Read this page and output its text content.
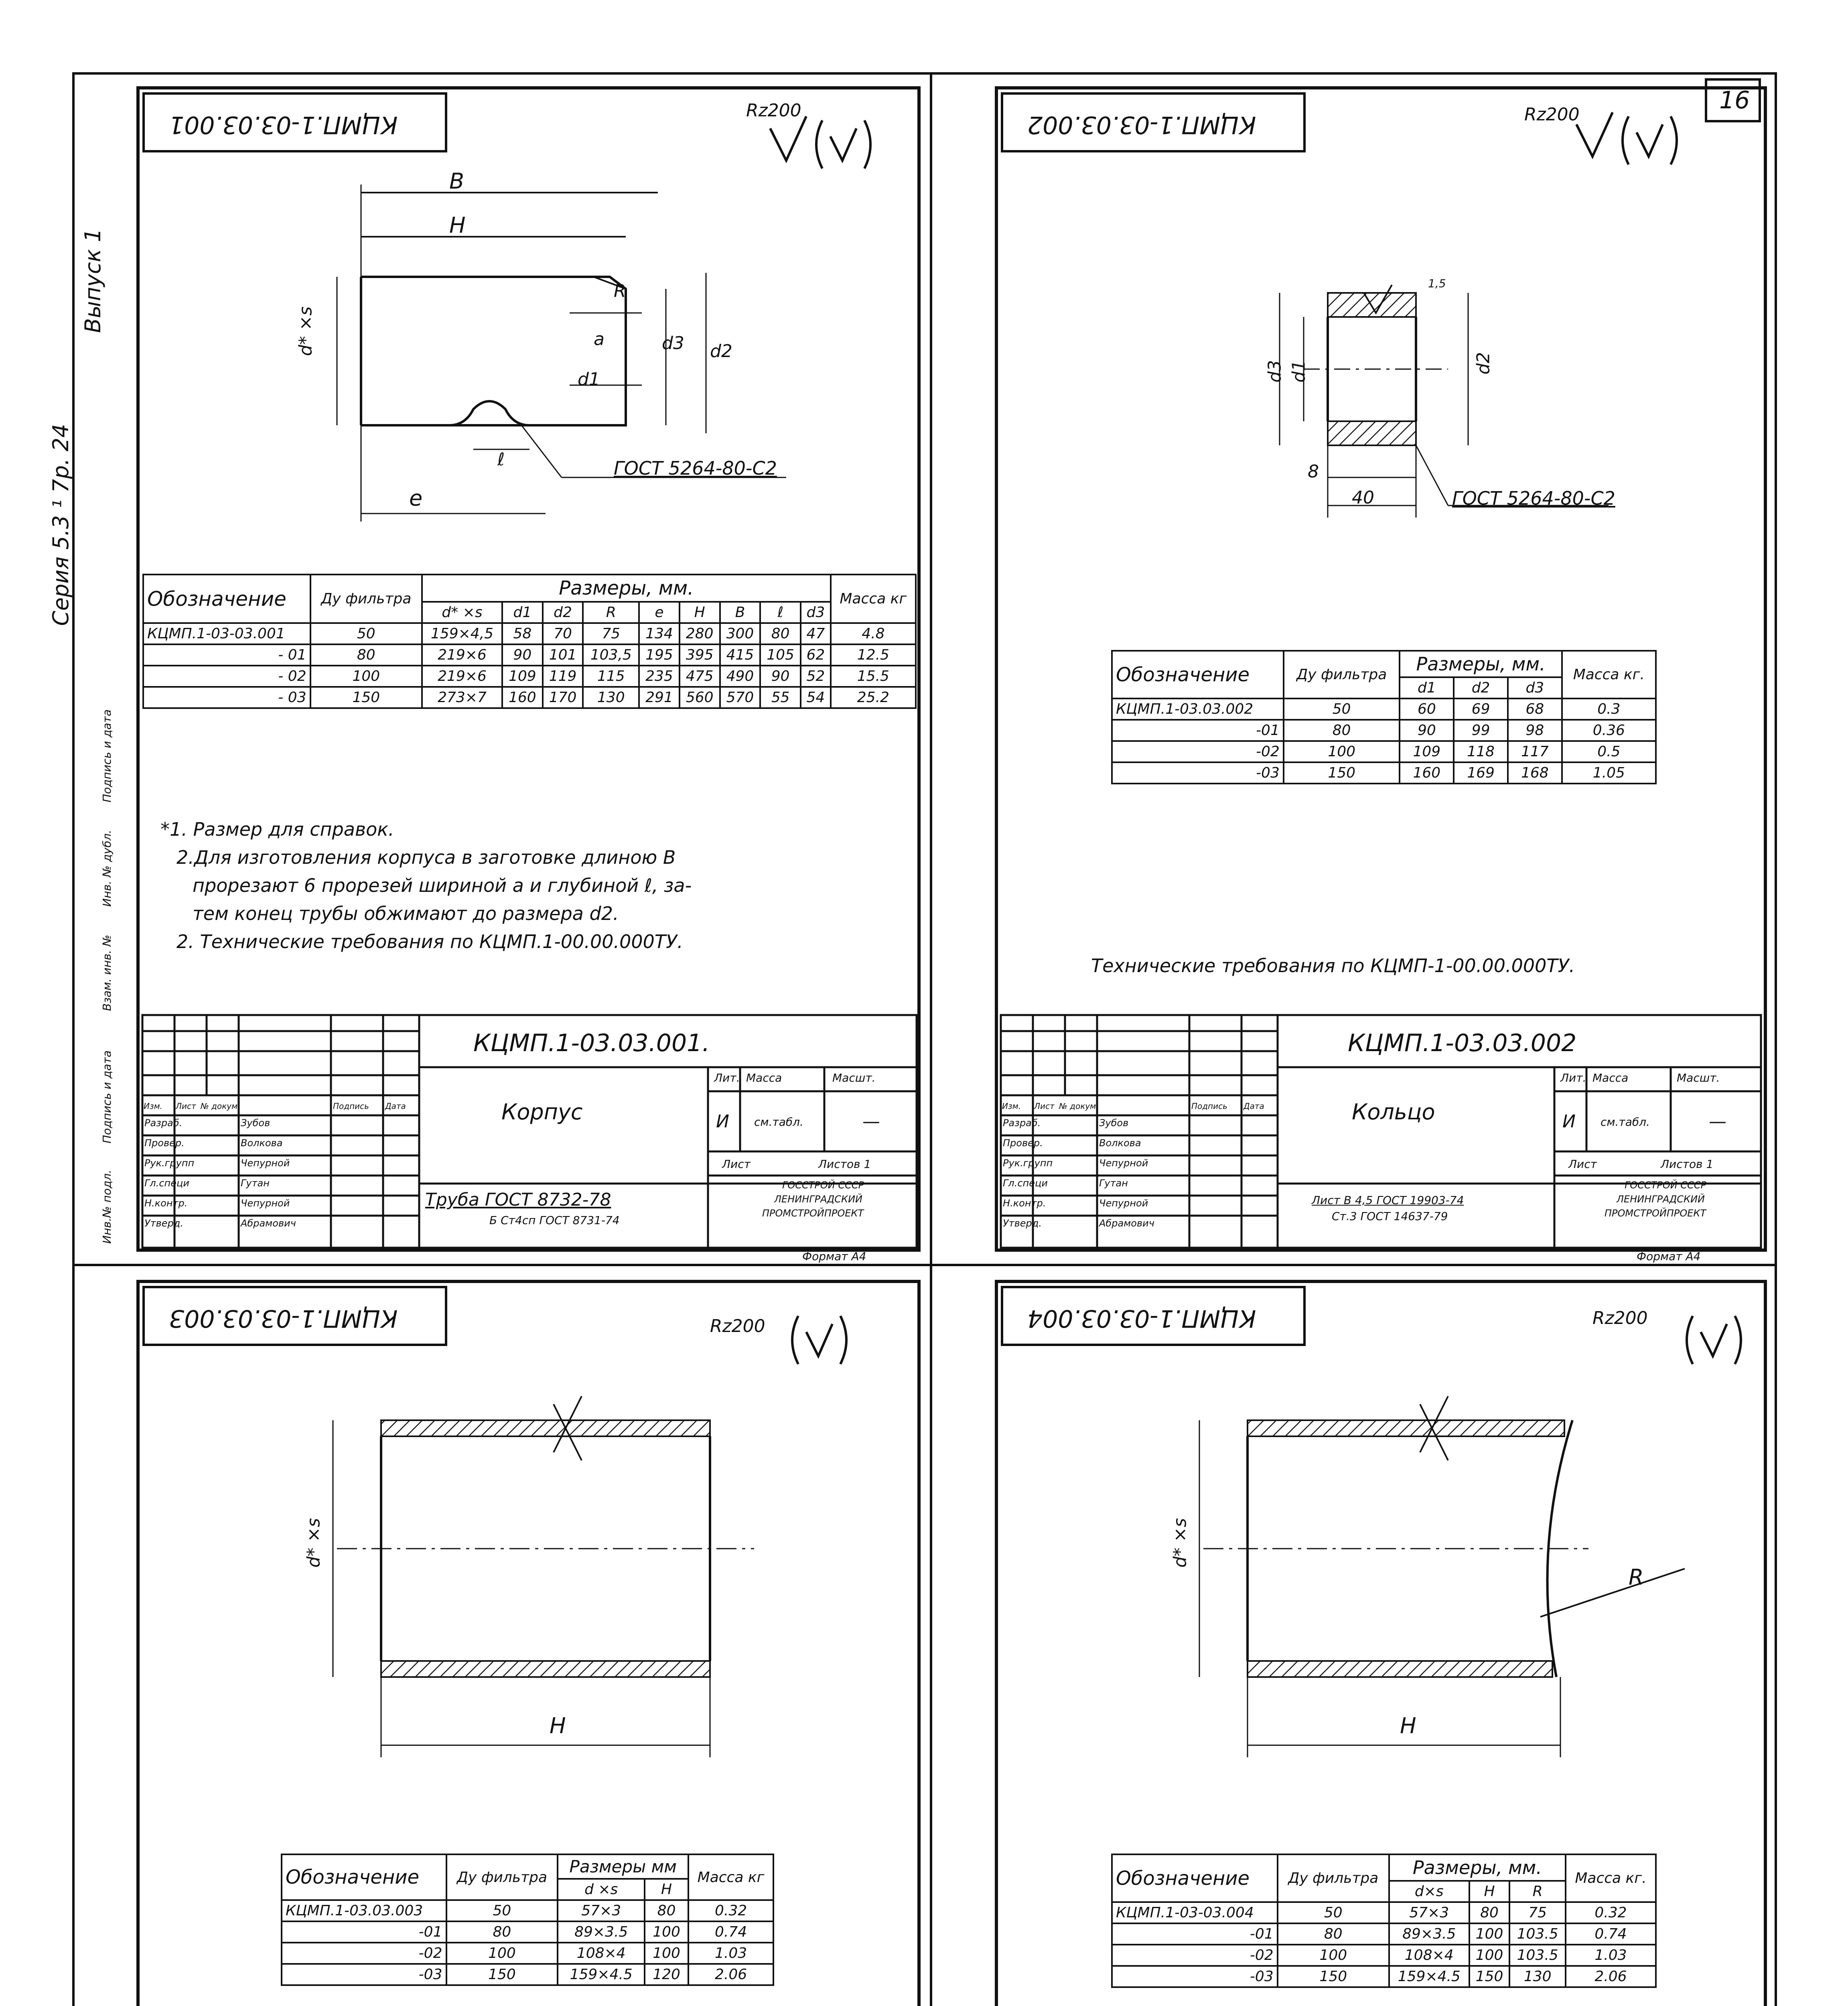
Серия 5.3 ¹ 7р. 24
Выпуск 1
16
КЦМП.1-03.03.001
Rz200
B
H
d* ×s
d1
d2
d3
a
R
e
ℓ	ГОСТ 5264-80-С2
Обозначение	Ду фильтра	Размеры, мм.									Масса кг
		d* ×s	d1	d2	R	e	H	B	ℓ	d3	
КЦМП.1-03-03.001	50	159×4,5	58	70	75	134	280	300	80	47	4.8
- 01	80	219×6	90	101	103,5	195	395	415	105	62	12.5
- 02	100	219×6	109	119	115	235	475	490	90	52	15.5
- 03	150	273×7	160	170	130	291	560	570	55	54	25.2
*1. Размер для справок.
2.Для изготовления корпуса в заготовке длиною B
прорезают 6 прорезей шириной a и глубиной ℓ, за-
тем конец трубы обжимают до размера d2.
2. Технические требования по КЦМП.1-00.00.000ТУ.
КЦМП.1-03.03.001.
Корпус
Труба ГОСТ 8732-78
Б Ст4сп ГОСТ 8731-74
Лит. Масса	Масшт.
И см.табл.	—
Лист	Листов 1
ГОССТРОЙ СССР
ЛЕНИНГРАДСКИЙ
ПРОМСТРОЙПРОЕКТ
Формат А4
Изм. Лист № докум.	Подпись Дата
Разраб.	Зубов
Провер.	Волкова
Рук.групп	Чепурной
Гл.специ	Гутан
Н.контр.	Чепурной
Утверд.	Абрамович
Инв.№ подл.
Подпись и дата
Взам. инв. №
Инв. № дубл.
Подпись и дата
КЦМП.1-03.03.002	Rz200
d3 d1	d2
1,5
8
40	ГОСТ 5264-80-С2
Обозначение	Ду фильтра	Размеры, мм.			Масса кг.
		d1	d2	d3	
КЦМП.1-03.03.002	50	60	69	68	0.3
-01	80	90	99	98	0.36
-02	100	109	118	117	0.5
-03	150	160	169	168	1.05
Технические требования по КЦМП-1-00.00.000ТУ.
КЦМП.1-03.03.002
Кольцо
Лист В 4,5 ГОСТ 19903-74
Ст.3 ГОСТ 14637-79
Лит. Масса	Масшт.
И см.табл.	—
Лист	Листов 1
ГОССТРОЙ СССР
ЛЕНИНГРАДСКИЙ
ПРОМСТРОЙПРОЕКТ
Формат А4
Изм. Лист № докум.	Подпись Дата
Разраб.	Зубов
Провер.	Волкова
Рук.групп	Чепурной
Гл.специ	Гутан
Н.контр.	Чепурной
Утверд.	Абрамович
КЦМП.1-03.03.003	Rz200
d* ×s
H
Обозначение	Ду фильтра	Размеры мм		Масса кг
		d ×s	H	
КЦМП.1-03.03.003	50	57×3	80	0.32
-01	80	89×3.5	100	0.74
-02	100	108×4	100	1.03
-03	150	159×4.5	120	2.06
КЦМП.1-03.03.004	Rz200
d* ×s
H
R
Обозначение	Ду фильтра	Размеры, мм.			Масса кг.
		d×s	H	R	
КЦМП.1-03-03.004	50	57×3	80	75	0.32
-01	80	89×3.5	100	103.5	0.74
-02	100	108×4	100	103.5	1.03
-03	150	159×4.5	150	130	2.06
